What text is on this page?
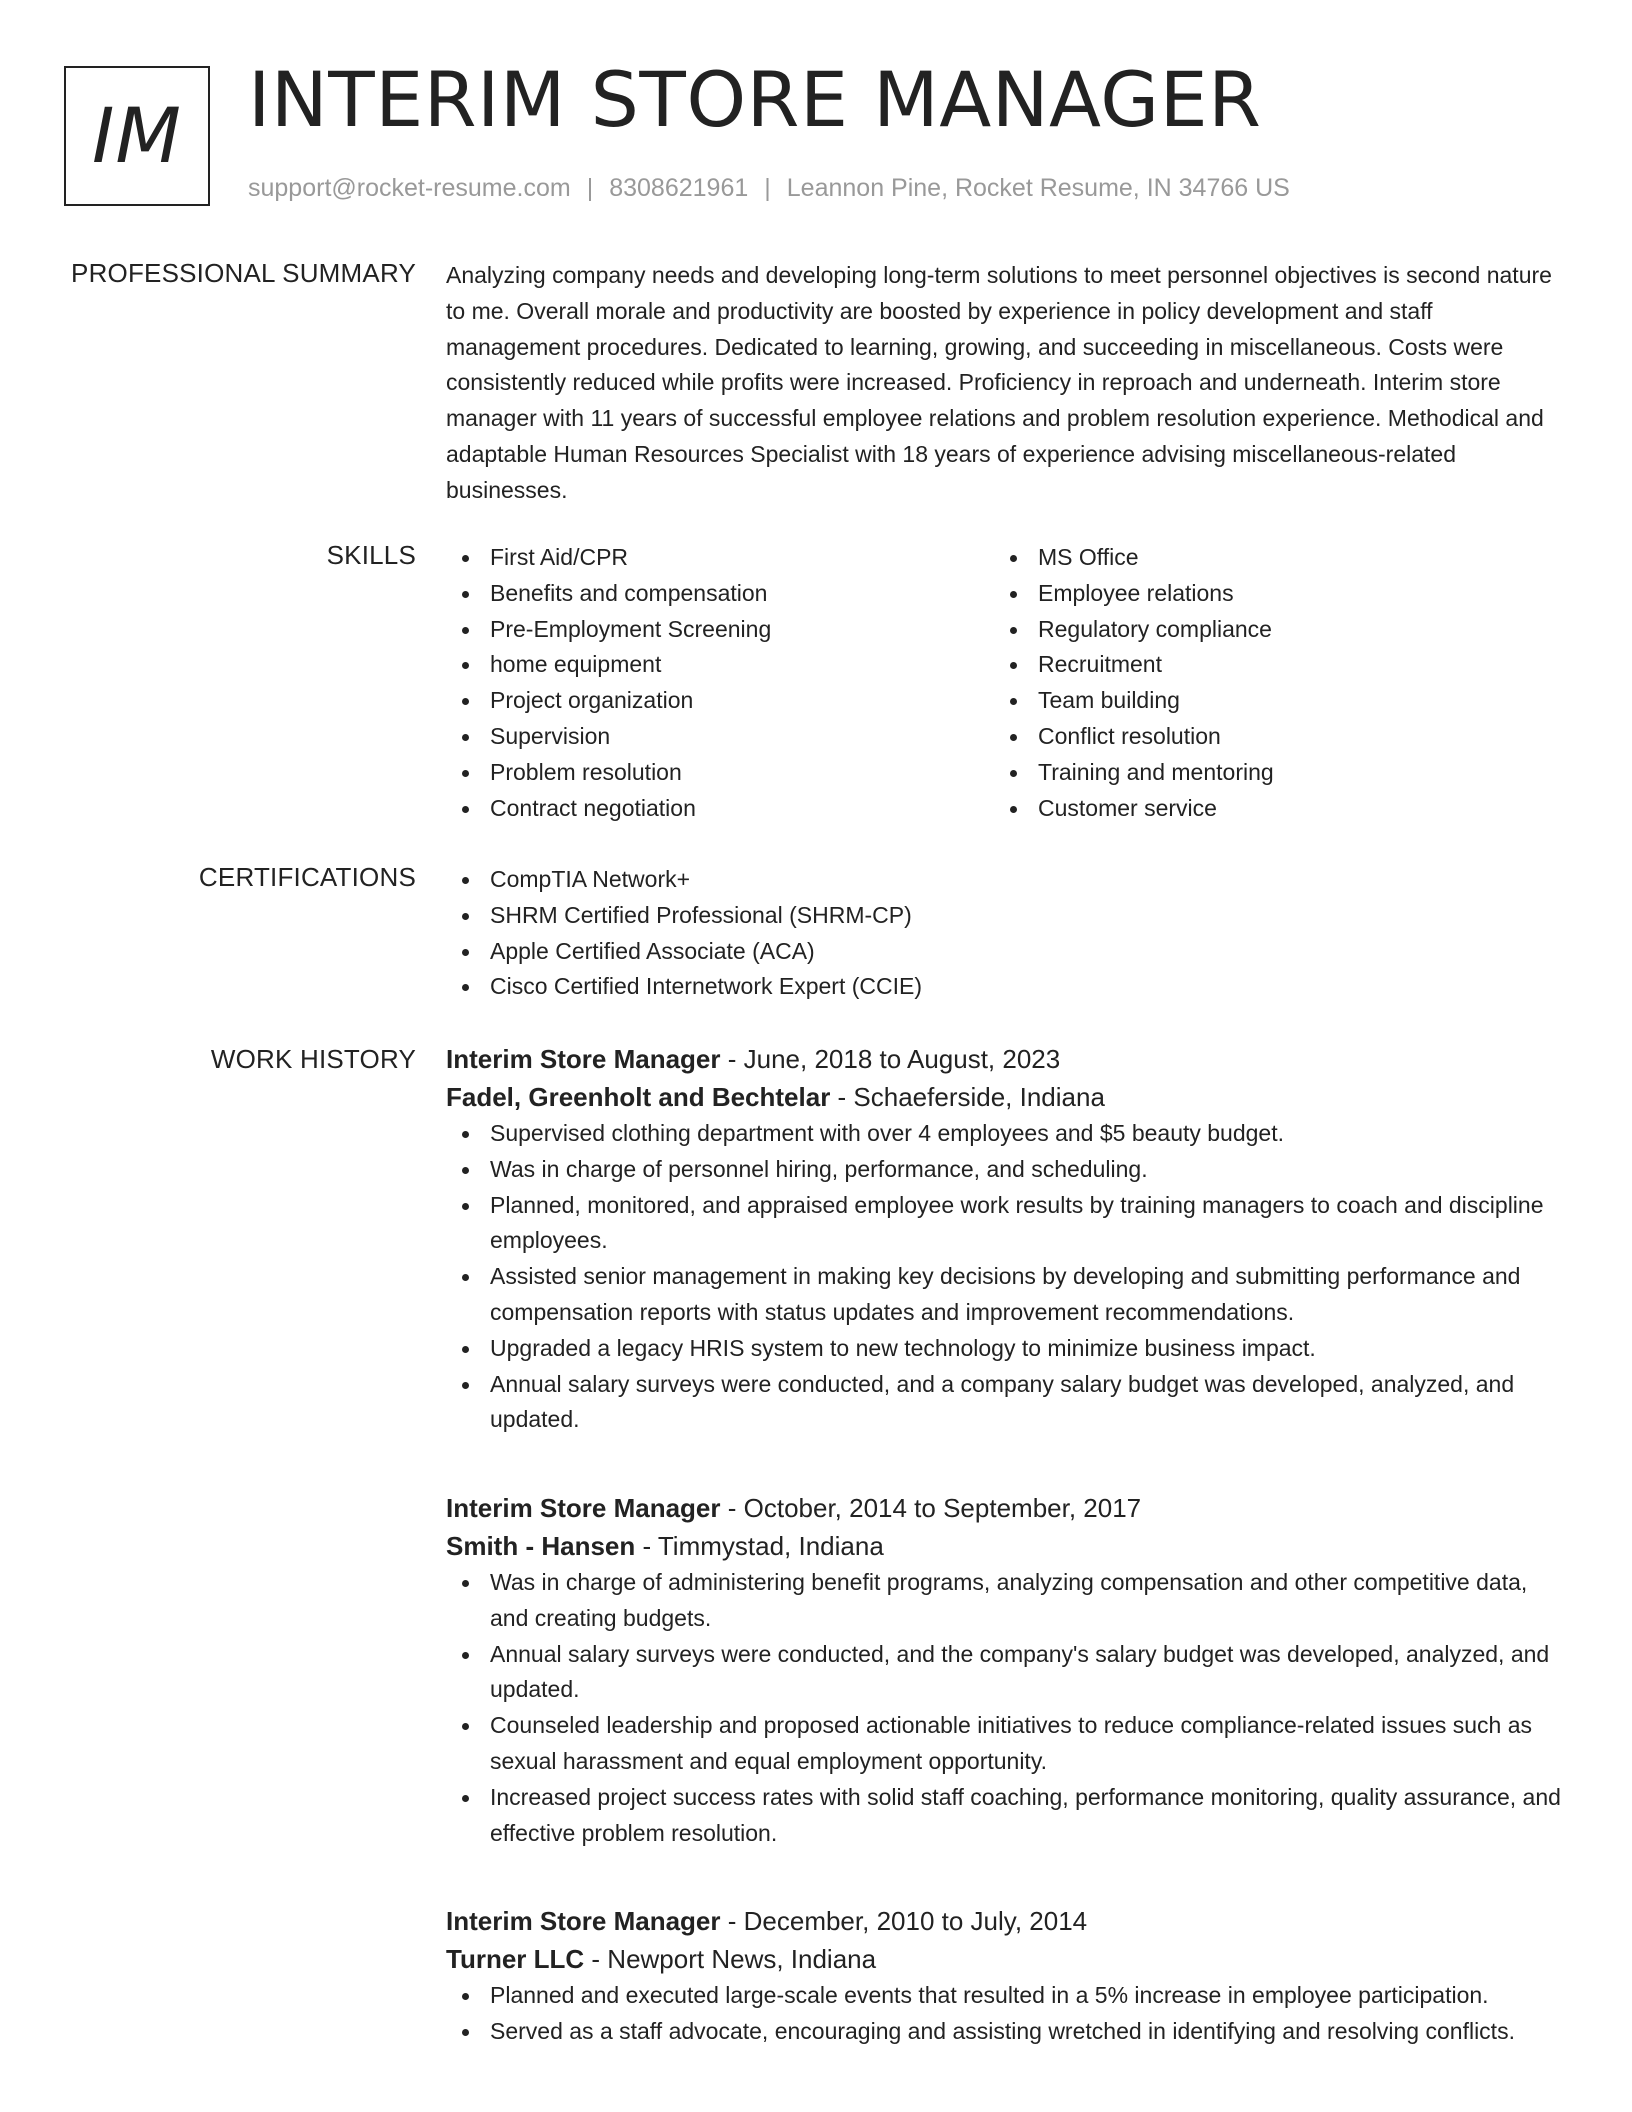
IM INTERIM STORE MANAGER
support@rocket-resume.com | 8308621961 | Leannon Pine, Rocket Resume, IN 34766 US
PROFESSIONAL SUMMARY Analyzing company needs and developing long-term solutions to meet personnel objectives is second nature to me. Overall morale and productivity are boosted by experience in policy development and staff management procedures. Dedicated to learning, growing, and succeeding in miscellaneous. Costs were consistently reduced while profits were increased. Proficiency in reproach and underneath. Interim store manager with 11 years of successful employee relations and problem resolution experience. Methodical and adaptable Human Resources Specialist with 18 years of experience advising miscellaneous-related businesses.

SKILLS	First Aid/CPR
Benefits and compensation
Pre-Employment Screening
home equipment
Project organization
Supervision
Problem resolution
Contract negotiation
MS Office
Employee relations
Regulatory compliance
Recruitment
Team building
Conflict resolution
Training and mentoring
Customer service
CERTIFICATIONS	CompTIA Network+
SHRM Certified Professional (SHRM-CP)
Apple Certified Associate (ACA)
Cisco Certified Internetwork Expert (CCIE)
WORK HISTORY Interim Store Manager - June, 2018 to August, 2023
Fadel, Greenholt and Bechtelar - Schaeferside, Indiana
Supervised clothing department with over 4 employees and $5 beauty budget.
Was in charge of personnel hiring, performance, and scheduling.
Planned, monitored, and appraised employee work results by training managers to coach and discipline employees.
Assisted senior management in making key decisions by developing and submitting performance and compensation reports with status updates and improvement recommendations.
Upgraded a legacy HRIS system to new technology to minimize business impact.
Annual salary surveys were conducted, and a company salary budget was developed, analyzed, and updated.
Interim Store Manager - October, 2014 to September, 2017
Smith - Hansen - Timmystad, Indiana
Was in charge of administering benefit programs, analyzing compensation and other competitive data, and creating budgets.
Annual salary surveys were conducted, and the company's salary budget was developed, analyzed, and updated.
Counseled leadership and proposed actionable initiatives to reduce compliance-related issues such as sexual harassment and equal employment opportunity.
Increased project success rates with solid staff coaching, performance monitoring, quality assurance, and effective problem resolution.
Interim Store Manager - December, 2010 to July, 2014
Turner LLC - Newport News, Indiana
Planned and executed large-scale events that resulted in a 5% increase in employee participation.
Served as a staff advocate, encouraging and assisting wretched in identifying and resolving conflicts.
